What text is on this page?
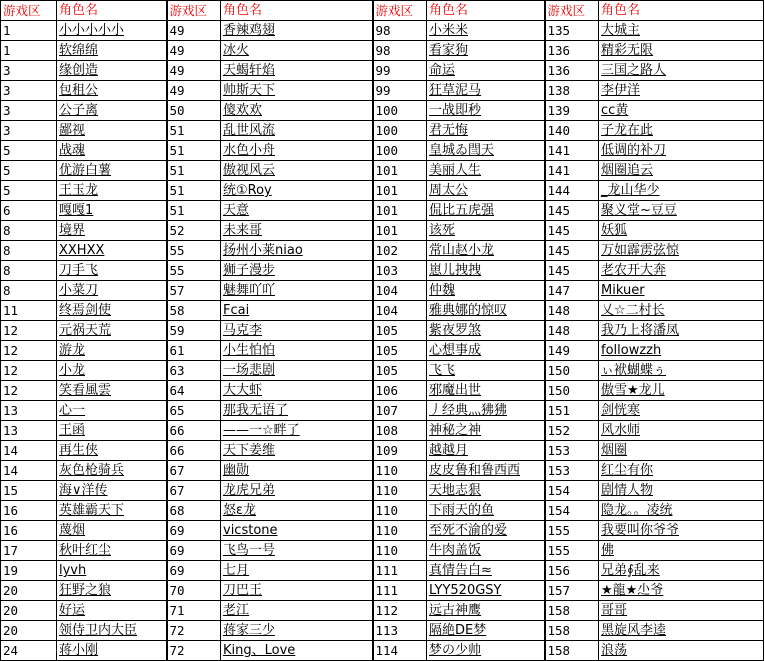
游戏区	角色名	游戏区	角色名	游戏区	角色名	游戏区	角色名
1	小小小小小	49	香辣鸡翅	98	小米米	135	大城主
1	软绵绵	49	冰火	98	看家狗	136	精彩无限
3	缘创造	49	天蝎轩焰	99	命运	136	三国之路人
3	包租公	49	帅斯天下	99	狂草泥马	138	李伊洋
3	公子离	50	傻欢欢	100	一战即秒	139	cc黄
3	鄙视	51	乱世风流	100	君无悔	140	子龙在此
5	战魂	51	水色小舟	100	皇城ゐ閆天	141	低调的补刀
5	优游白薯	51	傲视风云	101	美丽人生	141	烟圈追云
5	王玉龙	51	统①Roy	101	周太公	144	_龙山华少
6	嘎嘎1	51	天意	101	侃比五虎强	145	聚义堂~豆豆
8	境界	52	未来哥	101	该死	145	妖狐
8	XXHXX	55	扬州小莱niao	102	常山赵小龙	145	万如霹雳弦惊
8	刀手飞	55	狮子漫步	103	崽儿拽拽	145	老农开大奔
8	小菜刀	57	魅舞吖吖	104	仲魏	147	Mikuer
11	终焉剑使	58	Fcai	104	雅典娜的惊叹	148	乂☆二村长
12	元祸天荒	59	马克李	105	紫夜罗煞	148	我乃上将潘凤
12	游龙	61	小生怕怕	105	心想事成	149	followzzh
12	小龙	63	一场悲剧	105	飞飞	150	ぃ袱蝴蝶ぅ
12	笑看風雲	64	大大虾	106	邪魔出世	150	傲雪★龙儿
13	心一	65	那我无语了	107	丿经典灬狒狒	151	剑恍寒
13	王函	66	——一☆畔了	108	神秘之神	152	风水师
14	再生侠	66	天下姜维	109	越越月	153	烟圈
14	灰色枪骑兵	67	幽勋	110	皮皮鲁和鲁西西	153	红尘有你
15	海∨洋传	67	龙虎兄弟	110	天地志狠	154	剧情人物
16	英雄霸天下	68	怒ε龙	110	下雨天的鱼	154	隐龙。。凌统
16	蔑烟	69	vicstone	110	至死不渝的爱	155	我要叫你爷爷
17	秋叶红尘	69	飞鸟一号	110	牛肉盖饭	155	佛
19	lyvh	69	七月	111	真情告白≈	156	兄弟∮乱来
20	狂野之狼	70	刀巴王	111	LYY520GSY	157	★龍★尐爷
20	好运	71	老江	112	远古神鹰	158	哥哥
20	领侍卫内大臣	72	蒋家三少	113	隔絶DE梦	158	黑旋风李逵
24	蒋小刚	72	King、Love	114	梦の少帅	158	浪荡
